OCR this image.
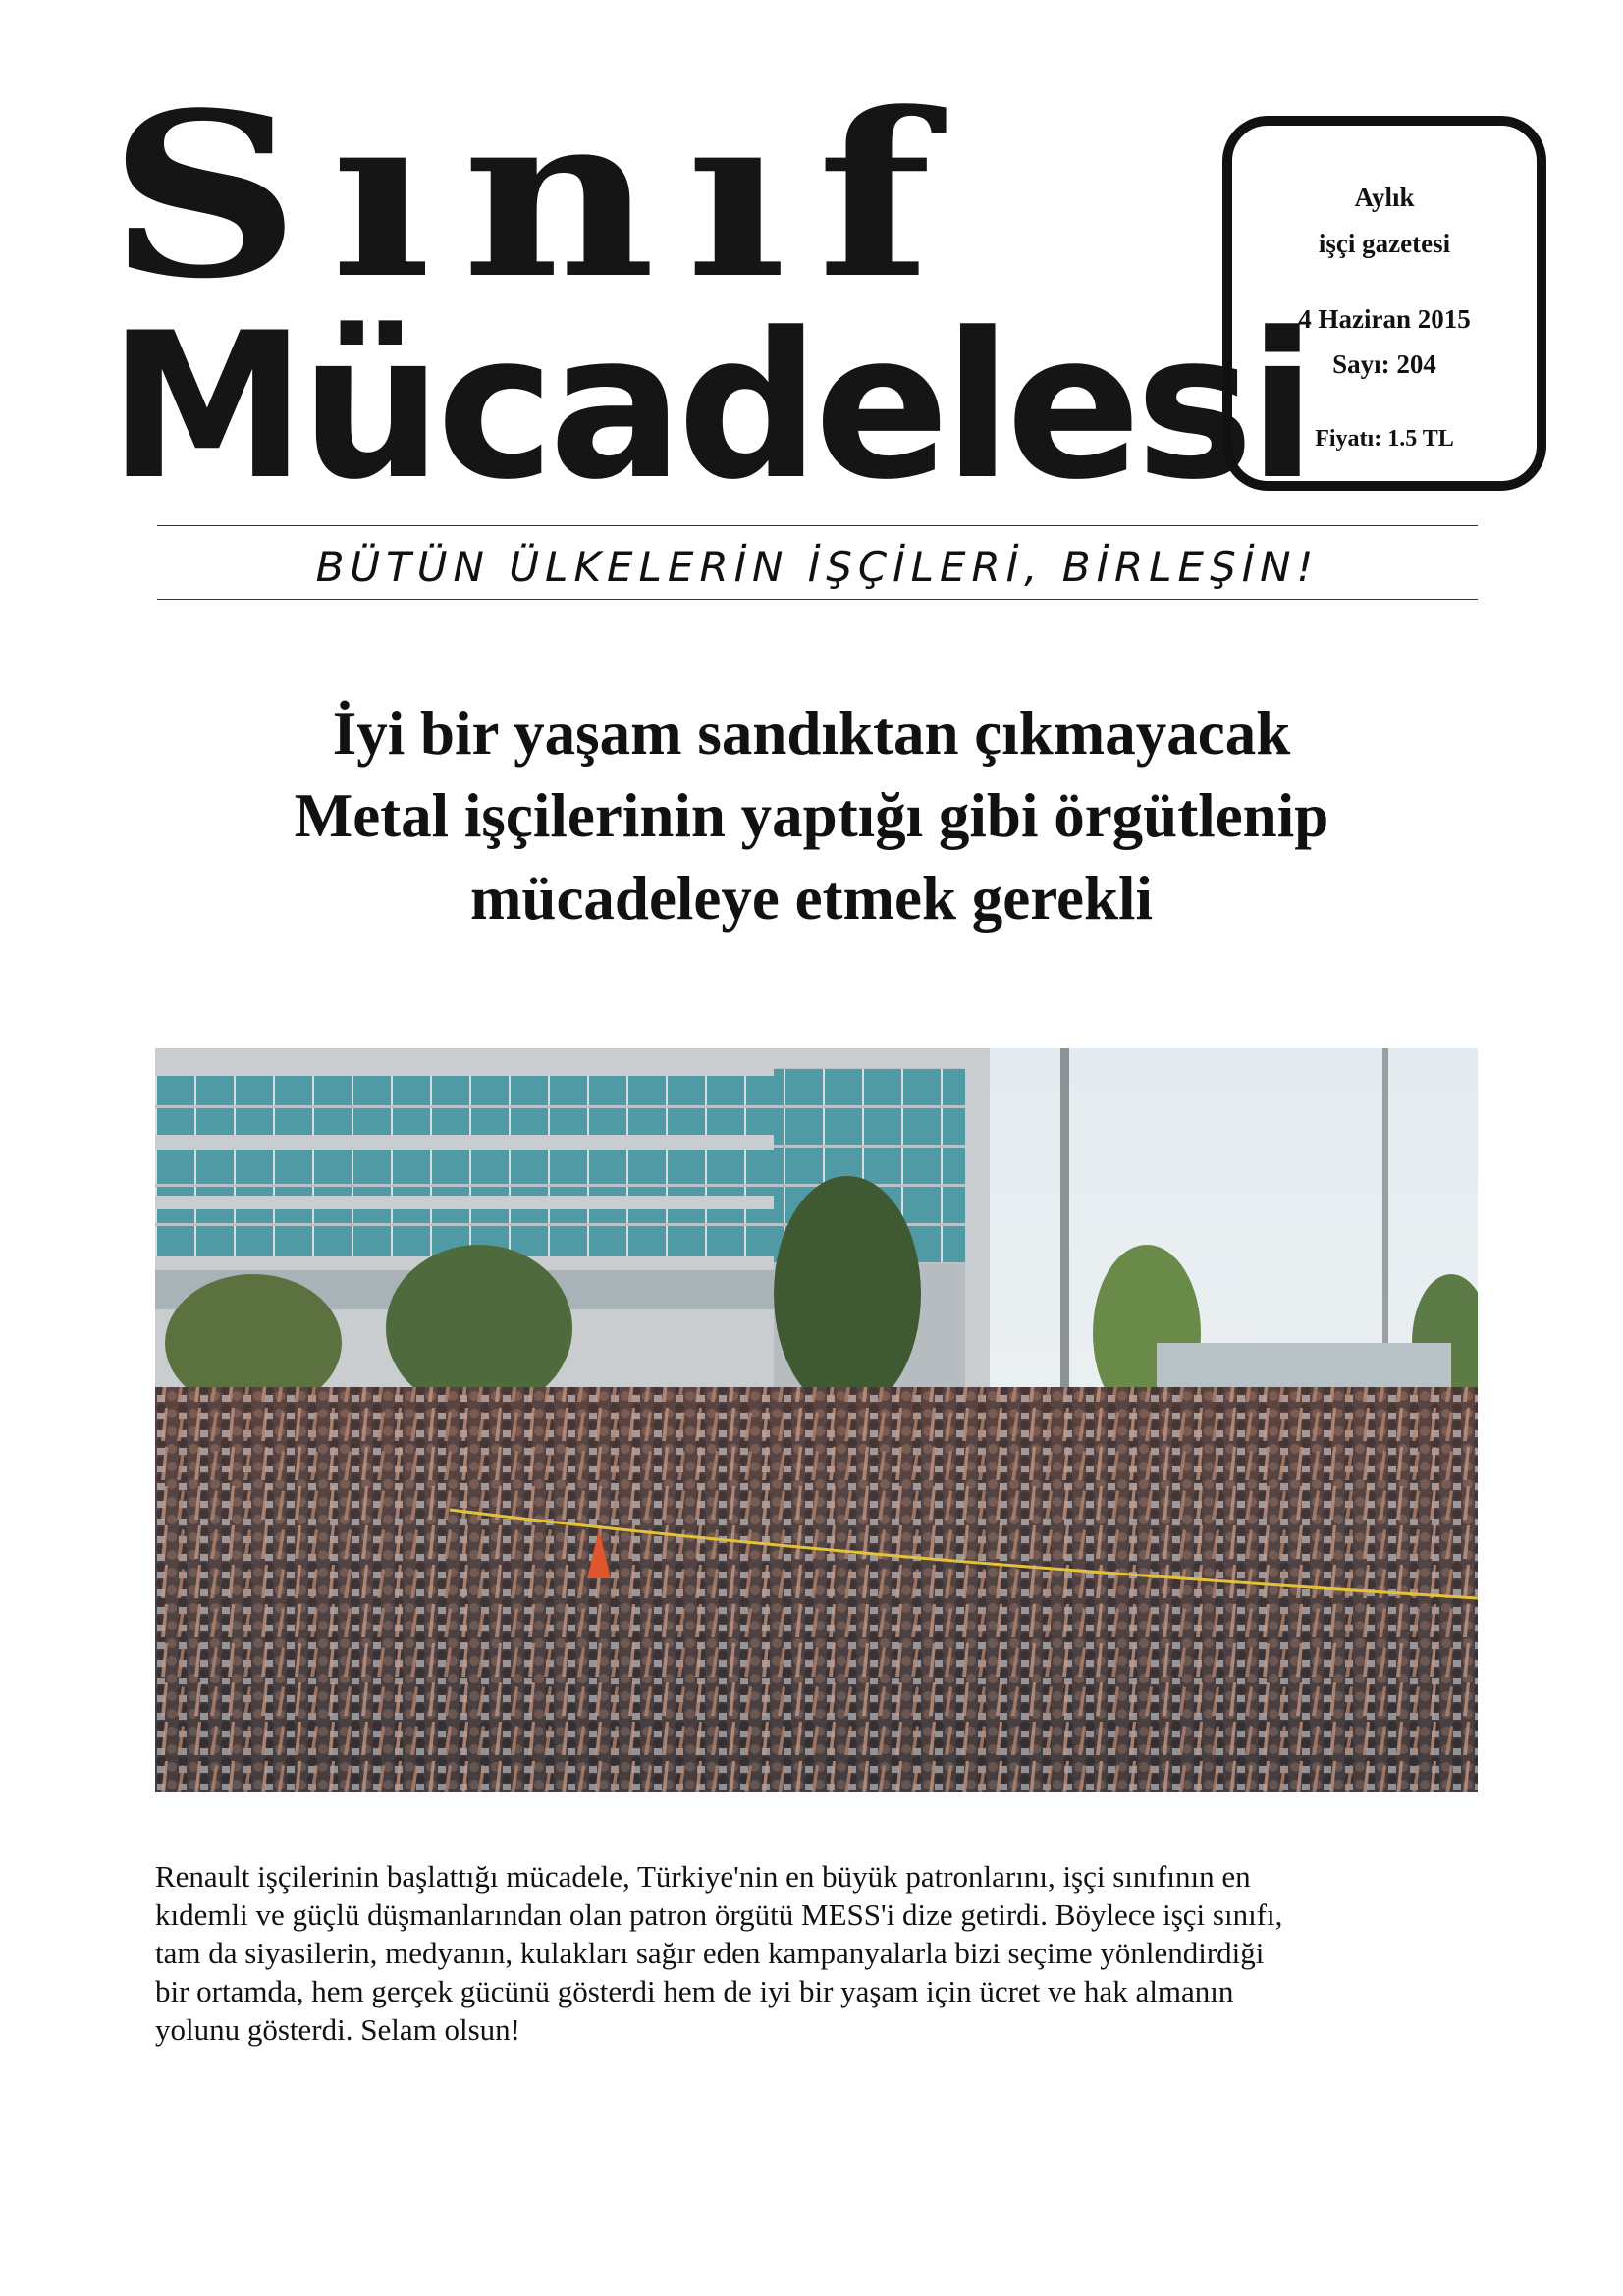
Sınıf
Mücadelesi
Aylık
işçi gazetesi
4 Haziran 2015
Sayı: 204
Fiyatı: 1.5 TL
BÜTÜN ÜLKELERİN İŞÇİLERİ, BİRLEŞİN!
İyi bir yaşam sandıktan çıkmayacak
Metal işçilerinin yaptığı gibi örgütlenip
mücadeleye etmek gerekli
Renault işçilerinin başlattığı mücadele, Türkiye'nin en büyük patronlarını, işçi sınıfının en
kıdemli ve güçlü düşmanlarından olan patron örgütü MESS'i dize getirdi. Böylece işçi sınıfı,
tam da siyasilerin, medyanın, kulakları sağır eden kampanyalarla bizi seçime yönlendirdiği
bir ortamda, hem gerçek gücünü gösterdi hem de iyi bir yaşam için ücret ve hak almanın
yolunu gösterdi. Selam olsun!
